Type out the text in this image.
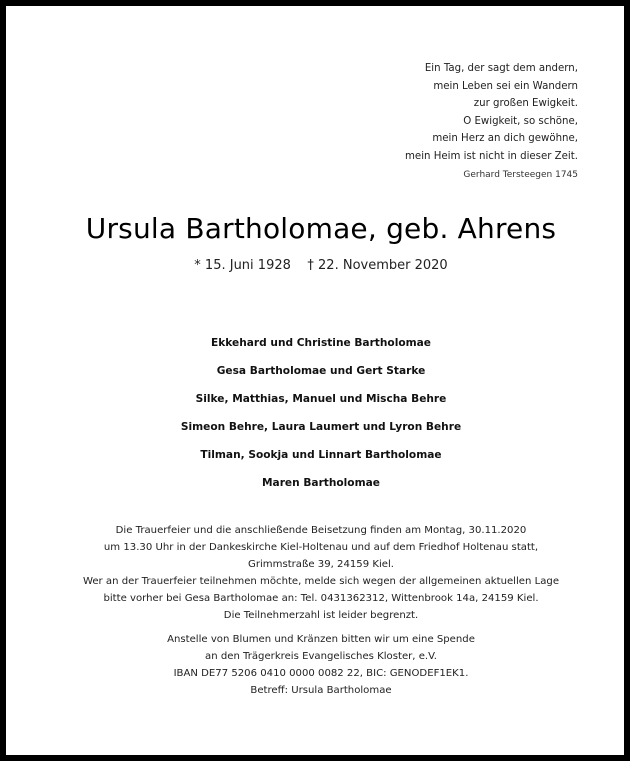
Ein Tag, der sagt dem andern,
mein Leben sei ein Wandern
zur großen Ewigkeit.
O Ewigkeit, so schöne,
mein Herz an dich gewöhne,
mein Heim ist nicht in dieser Zeit.
Gerhard Tersteegen 1745
Ursula Bartholomae, geb. Ahrens
* 15. Juni 1928    † 22. November 2020
Ekkehard und Christine Bartholomae
Gesa Bartholomae und Gert Starke
Silke, Matthias, Manuel und Mischa Behre
Simeon Behre, Laura Laumert und Lyron Behre
Tilman, Sookja und Linnart Bartholomae
Maren Bartholomae
Die Trauerfeier und die anschließende Beisetzung finden am Montag, 30.11.2020
um 13.30 Uhr in der Dankeskirche Kiel-Holtenau und auf dem Friedhof Holtenau statt,
Grimmstraße 39, 24159 Kiel.
Wer an der Trauerfeier teilnehmen möchte, melde sich wegen der allgemeinen aktuellen Lage
bitte vorher bei Gesa Bartholomae an: Tel. 0431362312, Wittenbrook 14a, 24159 Kiel.
Die Teilnehmerzahl ist leider begrenzt.
Anstelle von Blumen und Kränzen bitten wir um eine Spende
an den Trägerkreis Evangelisches Kloster, e.V.
IBAN DE77 5206 0410 0000 0082 22, BIC: GENODEF1EK1.
Betreff: Ursula Bartholomae
